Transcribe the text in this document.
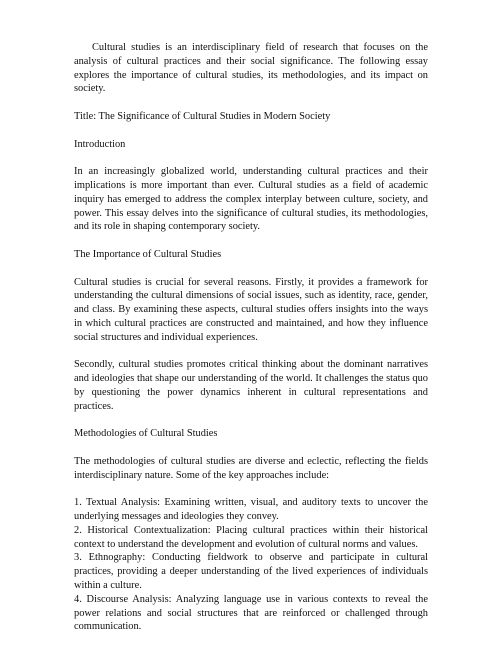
Cultural studies is an interdisciplinary field of research that focuses on the analysis of cultural practices and their social significance. The following essay explores the importance of cultural studies, its methodologies, and its impact on society.

Title: The Significance of Cultural Studies in Modern Society

Introduction

In an increasingly globalized world, understanding cultural practices and their implications is more important than ever. Cultural studies as a field of academic inquiry has emerged to address the complex interplay between culture, society, and power. This essay delves into the significance of cultural studies, its methodologies, and its role in shaping contemporary society.

The Importance of Cultural Studies

Cultural studies is crucial for several reasons. Firstly, it provides a framework for understanding the cultural dimensions of social issues, such as identity, race, gender, and class. By examining these aspects, cultural studies offers insights into the ways in which cultural practices are constructed and maintained, and how they influence social structures and individual experiences.

Secondly, cultural studies promotes critical thinking about the dominant narratives and ideologies that shape our understanding of the world. It challenges the status quo by questioning the power dynamics inherent in cultural representations and practices.

Methodologies of Cultural Studies

The methodologies of cultural studies are diverse and eclectic, reflecting the fields interdisciplinary nature. Some of the key approaches include:

1. Textual Analysis: Examining written, visual, and auditory texts to uncover the underlying messages and ideologies they convey.

2. Historical Contextualization: Placing cultural practices within their historical context to understand the development and evolution of cultural norms and values.

3. Ethnography: Conducting fieldwork to observe and participate in cultural practices, providing a deeper understanding of the lived experiences of individuals within a culture.

4. Discourse Analysis: Analyzing language use in various contexts to reveal the power relations and social structures that are reinforced or challenged through communication.
